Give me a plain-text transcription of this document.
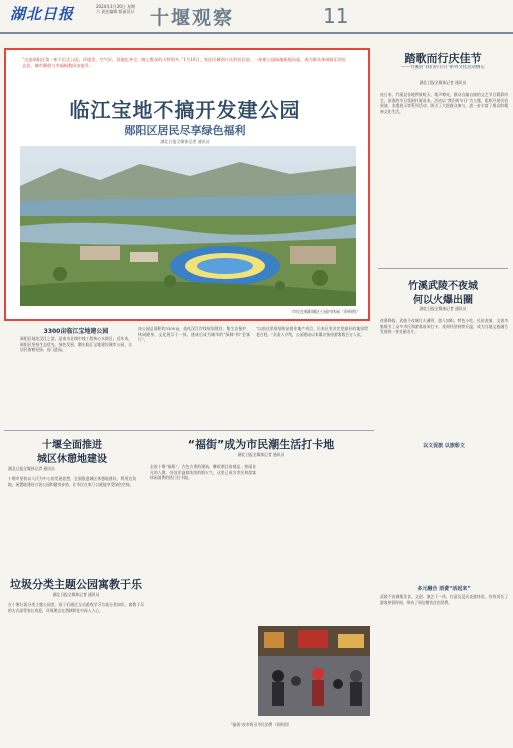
湖北日报	2024年1月20日 星期六 责任编辑 版面设计 十堰观察	11
“这是郧阳区第一座下沉式公园，环境美、空气好，设施也齐全，晚上散步的人特别多。”1月16日，家住区城南片区的居民说。一座座公园绿地拔地而起，成为群众休闲娱乐的好去处，城市颜值与幸福指数同步提升。
临江宝地不搞开发建公园
郧阳区居民尽享绿色福利
湖北日报全媒体记者 通讯员
市民在郧阳城区公园内休闲（资料图）
3300亩临江宝地建公园
郧阳区地处汉江之滨，是南水北调中线工程核心水源区。近年来，郧阳区坚持生态优先、绿色发展，腾出临江宝地建设城市公园，让居民推窗见绿、出门进园。
该公园总面积约3300亩，依托汉江岸线规划建设，集生态保护、休闲健身、文化展示于一体，建成后成为城市的“绿肺”和“会客厅”。
“以前这里规划的是商业地产项目，后来区里决定把最好的地留给老百姓。”负责人介绍，公园建成以来累计接待游客数百万人次。
踏歌而行庆佳节
——竹溪县“我们的节日”系列文化活动侧记
湖北日报全媒体记者 通讯员
连日来，竹溪县各地锣鼓喧天、歌声嘹亮，群众自编自演的文艺节目精彩纷呈，浓浓的节日氛围扑面而来。活动以“我们的节日”为主题，组织开展民俗展演、非遗展示等系列活动，吸引了大批群众参与，进一步丰富了群众的精神文化生活。
竹溪武陵不夜城
何以火爆出圈
湖北日报全媒体记者 通讯员
夜幕降临，武陵不夜城灯火通明，游人如织。特色小吃、民俗表演、文创市集吸引了众多市民和游客前来打卡，夜间经济持续升温，成为当地文旅融合发展的一张亮丽名片。
以文促旅 以旅彰文
十堰全面推进
城区休憩地建设
湖北日报全媒体记者 通讯员
十堰市坚持以人民为中心的发展思想，全面推进城区休憩地建设，利用边角地、闲置地建设口袋公园和健身步道，让市民在家门口就能享受绿色空间。
“福街”成为市民潮生活打卡地
湖北日报全媒体记者 通讯员
走进十堰“福街”，古色古香的建筑、琳琅满目的商品、热闹非凡的人群，处处洋溢着浓浓的烟火气。这里已成为市民和游客休闲消费的热门打卡地。
“福街”夜市吸引市民消费（资料图）
垃圾分类主题公园寓教于乐
湖北日报全媒体记者 通讯员
在十堰垃圾分类主题公园里，孩子们通过互动游戏学习垃圾分类知识，寓教于乐的方式深受家长欢迎，环保理念在潜移默化中深入人心。
多元融合 消费“活起来”
武陵不夜城集美食、文创、演艺于一体，打造沉浸式夜游体验，有效延长了游客停留时间，带动了周边餐饮住宿消费。
